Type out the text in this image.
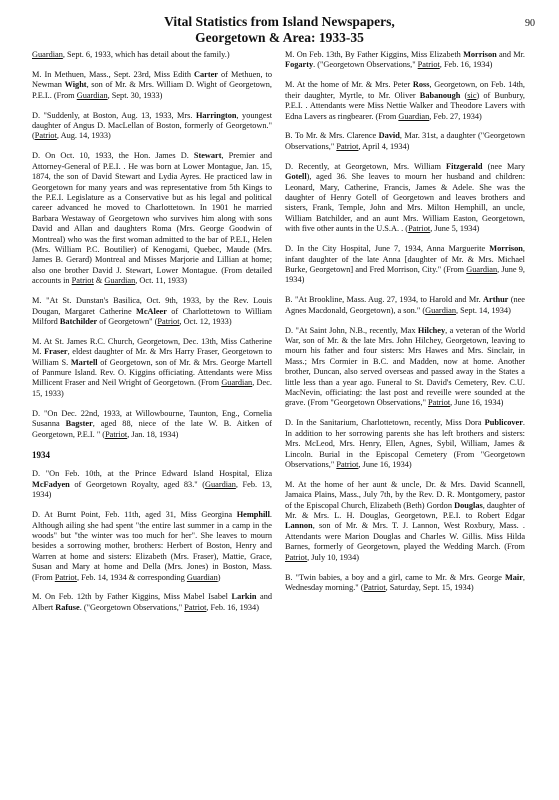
90
Vital Statistics from Island Newspapers,
Georgetown & Area: 1933-35

Guardian, Sept. 6, 1933, which has detail about the family.)

M. In Methuen, Mass., Sept. 23rd, Miss Edith Carter of Methuen, to Newman Wight, son of Mr. & Mrs. William D. Wight of Georgetown, P.E.I.. (From Guardian, Sept. 30, 1933)

D. "Suddenly, at Boston, Aug. 13, 1933, Mrs. Harrington, youngest daughter of Angus D. MacLellan of Boston, formerly of Georgetown." (Patriot, Aug. 14, 1933)

D. On Oct. 10, 1933, the Hon. James D. Stewart, Premier and Attorney-General of P.E.I. . He was born at Lower Montague, Jan. 15, 1874, the son of David Stewart and Lydia Ayres. He practiced law in Georgetown for many years and was representative from 5th Kings to the P.E.I. Legislature as a Conservative but as his legal and political career advanced he moved to Charlottetown. In 1901 he married Barbara Westaway of Georgetown who survives him along with sons David and Allan and daughters Roma (Mrs. George Goodwin of Montreal) who was the first woman admitted to the bar of P.E.I., Helen (Mrs. William P.C. Boutilier) of Kenogami, Quebec, Maude (Mrs. James B. Gerard) Montreal and Misses Marjorie and Lillian at home; also one brother David J. Stewart, Lower Montague. (From detailed accounts in Patriot & Guardian, Oct. 11, 1933)

M. "At St. Dunstan's Basilica, Oct. 9th, 1933, by the Rev. Louis Dougan, Margaret Catherine McAleer of Charlottetown to William Milford Batchilder of Georgetown" (Patriot, Oct. 12, 1933)

M. At St. James R.C. Church, Georgetown, Dec. 13th, Miss Catherine M. Fraser, eldest daughter of Mr. & Mrs Harry Fraser, Georgetown to William S. Martell of Georgetown, son of Mr. & Mrs. George Martell of Panmure Island. Rev. O. Kiggins officiating. Attendants were Miss Millicent Fraser and Neil Wright of Georgetown. (From Guardian, Dec. 15, 1933)

D. "On Dec. 22nd, 1933, at Willowbourne, Taunton, Eng., Cornelia Susanna Bagster, aged 88, niece of the late W. B. Aitken of Georgetown, P.E.I. " (Patriot, Jan. 18, 1934)

1934

D. "On Feb. 10th, at the Prince Edward Island Hospital, Eliza McFadyen of Georgetown Royalty, aged 83." (Guardian, Feb. 13, 1934)

D. At Burnt Point, Feb. 11th, aged 31, Miss Georgina Hemphill. Although ailing she had spent "the entire last summer in a camp in the woods" but "the winter was too much for her". She leaves to mourn besides a sorrowing mother, brothers: Herbert of Boston, Henry and Warren at home and sisters: Elizabeth (Mrs. Fraser), Mattie, Grace, Susan and Mary at home and Della (Mrs. Jones) in Boston, Mass. (From Patriot, Feb. 14, 1934 & corresponding Guardian)

M. On Feb. 12th by Father Kiggins, Miss Mabel Isabel Larkin and Albert Rafuse. ("Georgetown Observations," Patriot, Feb. 16, 1934)

M. On Feb. 13th, By Father Kiggins, Miss Elizabeth Morrison and Mr. Fogarty. ("Georgetown Observations," Patriot, Feb. 16, 1934)

M. At the home of Mr. & Mrs. Peter Ross, Georgetown, on Feb. 14th, their daughter, Myrtle, to Mr. Oliver Babanough (sic) of Bunbury, P.E.I. . Attendants were Miss Nettie Walker and Theodore Lavers with Edna Lavers as ringbearer. (From Guardian, Feb. 27, 1934)

B. To Mr. & Mrs. Clarence David, Mar. 31st, a daughter ("Georgetown Observations," Patriot, April 4, 1934)

D. Recently, at Georgetown, Mrs. William Fitzgerald (nee Mary Gotell), aged 36. She leaves to mourn her husband and children: Leonard, Mary, Catherine, Francis, James & Adele. She was the daughter of Henry Gotell of Georgetown and leaves brothers and sisters, Frank, Temple, John and Mrs. Milton Hemphill, an uncle, William Batchilder, and an aunt Mrs. William Easton, Georgetown, with five other aunts in the U.S.A. . (Patriot, June 5, 1934)

D. In the City Hospital, June 7, 1934, Anna Marguerite Morrison, infant daughter of the late Anna [daughter of Mr. & Mrs. Michael Burke, Georgetown] and Fred Morrison, City." (From Guardian, June 9, 1934)

B. "At Brookline, Mass. Aug. 27, 1934, to Harold and Mr. Arthur (nee Agnes Macdonald, Georgetown), a son." (Guardian, Sept. 14, 1934)

D. "At Saint John, N.B., recently, Max Hilchey, a veteran of the World War, son of Mr. & the late Mrs. John Hilchey, Georgetown, leaving to mourn his father and four sisters: Mrs Hawes and Mrs. Sinclair, in Mass.; Mrs Cormier in B.C. and Madden, now at home. Another brother, Duncan, also served overseas and passed away in the States a little less than a year ago. Funeral to St. David's Cemetery, Rev. C.U. MacNevin, officiating: the last post and reveille were sounded at the grave. (From "Georgetown Observations," Patriot, June 16, 1934)

D. In the Sanitarium, Charlottetown, recently, Miss Dora Publicover. In addition to her sorrowing parents she has left brothers and sisters: Mrs. McLeod, Mrs. Henry, Ellen, Agnes, Sybil, William, James & Lincoln. Burial in the Episcopal Cemetery (From "Georgetown Observations," Patriot, June 16, 1934)

M. At the home of her aunt & uncle, Dr. & Mrs. David Scannell, Jamaica Plains, Mass., July 7th, by the Rev. D. R. Montgomery, pastor of the Episcopal Church, Elizabeth (Beth) Gordon Douglas, daughter of Mr. & Mrs. L. H. Douglas, Georgetown, P.E.I. to Robert Edgar Lannon, son of Mr. & Mrs. T. J. Lannon, West Roxbury, Mass. . Attendants were Marion Douglas and Charles W. Gillis. Miss Hilda Barnes, formerly of Georgetown, played the Wedding March. (From Patriot, July 10, 1934)

B. "Twin babies, a boy and a girl, came to Mr. & Mrs. George Mair, Wednesday morning." (Patriot, Saturday, Sept. 15, 1934)
